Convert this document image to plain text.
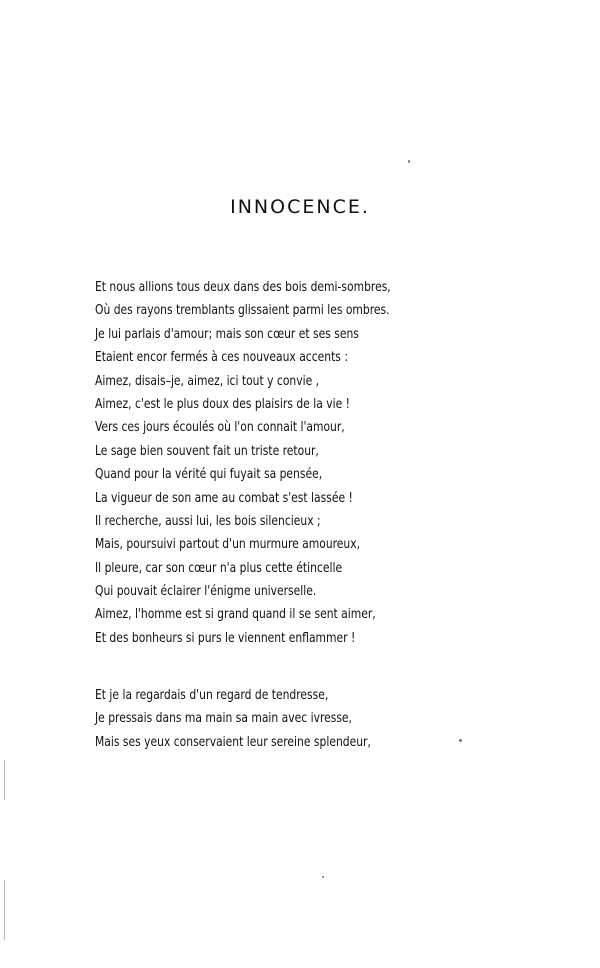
INNOCENCE.
Et nous allions tous deux dans des bois demi-sombres,
Où des rayons tremblants glissaient parmi les ombres.
Je lui parlais d'amour; mais son cœur et ses sens
Etaient encor fermés à ces nouveaux accents :
Aimez, disais–je, aimez, ici tout y convie ,
Aimez, c'est le plus doux des plaisirs de la vie !
Vers ces jours écoulés où l'on connait l'amour,
Le sage bien souvent fait un triste retour,
Quand pour la vérité qui fuyait sa pensée,
La vigueur de son ame au combat s'est lassée !
Il recherche, aussi lui, les bois silencieux ;
Mais, poursuivi partout d'un murmure amoureux,
Il pleure, car son cœur n'a plus cette étincelle
Qui pouvait éclairer l'énigme universelle.
Aimez, l'homme est si grand quand il se sent aimer,
Et des bonheurs si purs le viennent enflammer !
Et je la regardais d'un regard de tendresse,
Je pressais dans ma main sa main avec ivresse,
Mais ses yeux conservaient leur sereine splendeur,
